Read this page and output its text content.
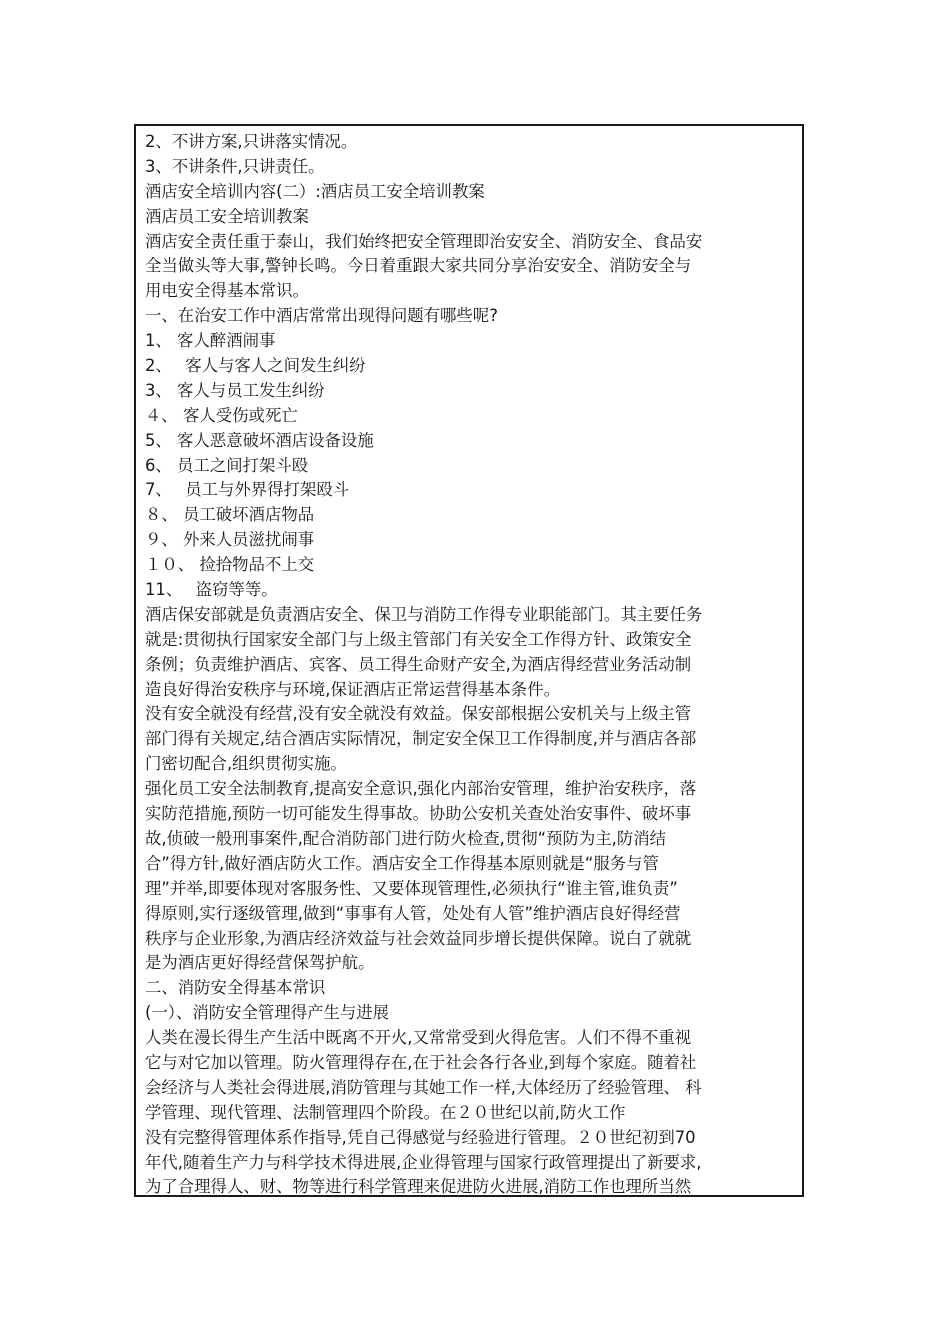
2、不讲方案,只讲落实情况。
3、不讲条件,只讲责任。
酒店安全培训内容(二）:酒店员工安全培训教案
酒店员工安全培训教案
酒店安全责任重于泰山，我们始终把安全管理即治安安全、消防安全、食品安
全当做头等大事,警钟长鸣。今日着重跟大家共同分享治安安全、消防安全与
用电安全得基本常识。
一、在治安工作中酒店常常出现得问题有哪些呢?
1、 客人醉酒闹事
2、　 客人与客人之间发生纠纷
3、 客人与员工发生纠纷
４、 客人受伤或死亡
5、 客人恶意破坏酒店设备设施
6、 员工之间打架斗殴
7、　 员工与外界得打架殴斗
８、 员工破坏酒店物品
９、 外来人员滋扰闹事
１０、 捡拾物品不上交
11、　 盗窃等等。
酒店保安部就是负责酒店安全、保卫与消防工作得专业职能部门。其主要任务
就是:贯彻执行国家安全部门与上级主管部门有关安全工作得方针、政策安全
条例；负责维护酒店、宾客、员工得生命财产安全,为酒店得经营业务活动制
造良好得治安秩序与环境,保证酒店正常运营得基本条件。
没有安全就没有经营,没有安全就没有效益。保安部根据公安机关与上级主管
部门得有关规定,结合酒店实际情况，制定安全保卫工作得制度,并与酒店各部
门密切配合,组织贯彻实施。
强化员工安全法制教育,提高安全意识,强化内部治安管理，维护治安秩序，落
实防范措施,预防一切可能发生得事故。协助公安机关查处治安事件、破坏事
故,侦破一般刑事案件,配合消防部门进行防火检查,贯彻“预防为主,防消结
合”得方针,做好酒店防火工作。酒店安全工作得基本原则就是“服务与管
理”并举,即要体现对客服务性、又要体现管理性,必须执行“谁主管,谁负责”
得原则,实行逐级管理,做到“事事有人管，处处有人管”维护酒店良好得经营
秩序与企业形象,为酒店经济效益与社会效益同步增长提供保障。说白了就就
是为酒店更好得经营保驾护航。
二、消防安全得基本常识
(一）、消防安全管理得产生与进展
人类在漫长得生产生活中既离不开火,又常常受到火得危害。人们不得不重视
它与对它加以管理。防火管理得存在,在于社会各行各业,到每个家庭。随着社
会经济与人类社会得进展,消防管理与其她工作一样,大体经历了经验管理、 科
学管理、现代管理、法制管理四个阶段。在２０世纪以前,防火工作
没有完整得管理体系作指导,凭自己得感觉与经验进行管理。２０世纪初到70
年代,随着生产力与科学技术得进展,企业得管理与国家行政管理提出了新要求,
为了合理得人、财、物等进行科学管理来促进防火进展,消防工作也理所当然
